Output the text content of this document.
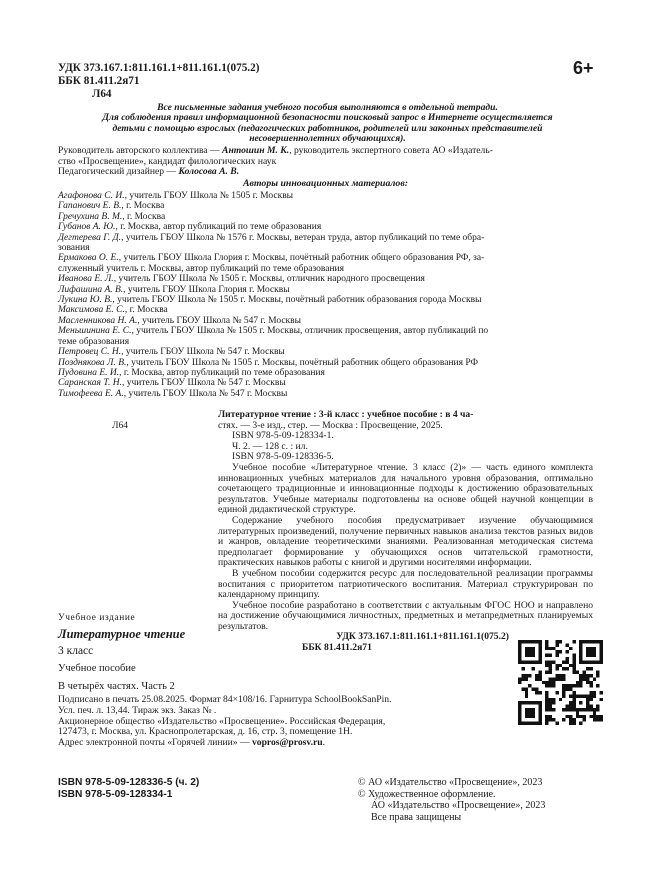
УДК 373.167.1:811.161.1+811.161.1(075.2)
ББК 81.411.2я71
Л64
6+
Все письменные задания учебного пособия выполняются в отдельной тетради.
Для соблюдения правил информационной безопасности поисковый запрос в Интернете осуществляется
детьми с помощью взрослых (педагогических работников, родителей или законных представителей
несовершеннолетних обучающихся).
Руководитель авторского коллектива — Антошин М. К., руководитель экспертного совета АО «Издатель-
ство «Просвещение», кандидат филологических наук
Педагогический дизайнер — Колосова А. В.
Авторы инновационных материалов:
Агафонова С. И., учитель ГБОУ Школа № 1505 г. Москвы
Гапанович Е. В., г. Москва
Гречухина В. М., г. Москва
Губанов А. Ю., г. Москва, автор публикаций по теме образования
Дегтерева Г. Д., учитель ГБОУ Школа № 1576 г. Москвы, ветеран труда, автор публикаций по теме обра-
зования
Ермакова О. Е., учитель ГБОУ Школа Глория г. Москвы, почётный работник общего образования РФ, за-
служенный учитель г. Москвы, автор публикаций по теме образования
Иванова Е. Л., учитель ГБОУ Школа № 1505 г. Москвы, отличник народного просвещения
Лифашина А. В., учитель ГБОУ Школа Глория г. Москвы
Лукина Ю. В., учитель ГБОУ Школа № 1505 г. Москвы, почётный работник образования города Москвы
Максимова Е. С., г. Москва
Масленникова Н. А., учитель ГБОУ Школа № 547 г. Москвы
Меньшинина Е. С., учитель ГБОУ Школа № 1505 г. Москвы, отличник просвещения, автор публикаций по
теме образования
Петровец С. Н., учитель ГБОУ Школа № 547 г. Москвы
Позднякова Л. В., учитель ГБОУ Школа № 1505 г. Москвы, почётный работник общего образования РФ
Пудовина Е. И., г. Москва, автор публикаций по теме образования
Саранская Т. Н., учитель ГБОУ Школа № 547 г. Москвы
Тимофеева Е. А., учитель ГБОУ Школа № 547 г. Москвы
Литературное чтение : 3-й класс : учебное пособие : в 4 ча-
стях. — 3-е изд., стер. — Москва : Просвещение, 2025.
ISBN 978-5-09-128334-1.
Ч. 2. — 128 с. : ил.
ISBN 978-5-09-128336-5.
Учебное пособие «Литературное чтение. 3 класс (2)» — часть единого комплекта инновационных учебных материалов для начального уровня образования, оптимально сочетающего традиционные и инновационные подходы к достижению образовательных результатов. Учебные материалы подготовлены на основе общей научной концепции в единой дидактической структуре.
Содержание учебного пособия предусматривает изучение обучающимися литературных произведений, получение первичных навыков анализа текстов разных видов и жанров, овладение теоретическими знаниями. Реализованная методическая система предполагает формирование у обучающихся основ читательской грамотности, практических навыков работы с книгой и другими носителями информации.
В учебном пособии содержится ресурс для последовательной реализации программы воспитания с приоритетом патриотического воспитания. Материал структурирован по календарному принципу.
Учебное пособие разработано в соответствии с актуальным ФГОС НОО и направлено на достижение обучающимися личностных, предметных и метапредметных планируемых результатов.
УДК 373.167.1:811.161.1+811.161.1(075.2)
ББК 81.411.2я71
Л64
Учебное издание
Литературное чтение
3 класс
Учебное пособие
В четырёх частях. Часть 2
Подписано в печать 25.08.2025. Формат 84×108/16. Гарнитура SchoolBookSanPin.
Усл. печ. л. 13,44. Тираж экз. Заказ № .
Акционерное общество «Издательство «Просвещение». Российская Федерация,
127473, г. Москва, ул. Краснопролетарская, д. 16, стр. 3, помещение 1Н.
Адрес электронной почты «Горячей линии» — vopros@prosv.ru.
ISBN 978-5-09-128336-5 (ч. 2)
ISBN 978-5-09-128334-1
© АО «Издательство «Просвещение», 2023
© Художественное оформление.
АО «Издательство «Просвещение», 2023
Все права защищены
